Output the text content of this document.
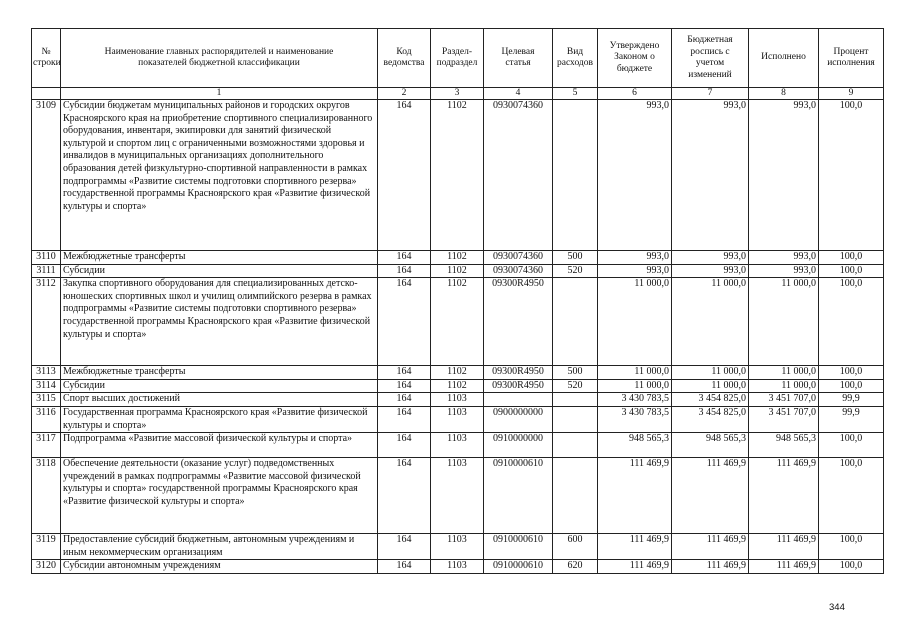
№ строки	Наименование главных распорядителей и наименование показателей бюджетной классификации	Код ведомства	Раздел-подраздел	Целевая статья	Вид расходов	Утверждено Законом о бюджете	Бюджетная роспись с учетом изменений	Исполнено	Процент исполнения
	1	2	3	4	5	6	7	8	9
3109	Субсидии бюджетам муниципальных районов и городских округов Красноярского края на приобретение спортивного специализированного оборудования, инвентаря, экипировки для занятий физической культурой и спортом лиц с ограниченными возможностями здоровья и инвалидов в муниципальных организациях дополнительного образования детей физкультурно-спортивной направленности в рамках подпрограммы «Развитие системы подготовки спортивного резерва» государственной программы Красноярского края «Развитие физической культуры и спорта»	164	1102	0930074360		993,0	993,0	993,0	100,0
3110	Межбюджетные трансферты	164	1102	0930074360	500	993,0	993,0	993,0	100,0
3111	Субсидии	164	1102	0930074360	520	993,0	993,0	993,0	100,0
3112	Закупка спортивного оборудования для специализированных детско-юношеских спортивных школ и училищ олимпийского резерва в рамках подпрограммы «Развитие системы подготовки спортивного резерва» государственной программы Красноярского края «Развитие физической культуры и спорта»	164	1102	09300R4950		11 000,0	11 000,0	11 000,0	100,0
3113	Межбюджетные трансферты	164	1102	09300R4950	500	11 000,0	11 000,0	11 000,0	100,0
3114	Субсидии	164	1102	09300R4950	520	11 000,0	11 000,0	11 000,0	100,0
3115	Спорт высших достижений	164	1103			3 430 783,5	3 454 825,0	3 451 707,0	99,9
3116	Государственная программа Красноярского края «Развитие физической культуры и спорта»	164	1103	0900000000		3 430 783,5	3 454 825,0	3 451 707,0	99,9
3117	Подпрограмма «Развитие массовой физической культуры и спорта»	164	1103	0910000000		948 565,3	948 565,3	948 565,3	100,0
3118	Обеспечение деятельности (оказание услуг) подведомственных учреждений в рамках подпрограммы «Развитие массовой физической культуры и спорта» государственной программы Красноярского края «Развитие физической культуры и спорта»	164	1103	0910000610		111 469,9	111 469,9	111 469,9	100,0
3119	Предоставление субсидий бюджетным, автономным учреждениям и иным некоммерческим организациям	164	1103	0910000610	600	111 469,9	111 469,9	111 469,9	100,0
3120	Субсидии автономным учреждениям	164	1103	0910000610	620	111 469,9	111 469,9	111 469,9	100,0
344
